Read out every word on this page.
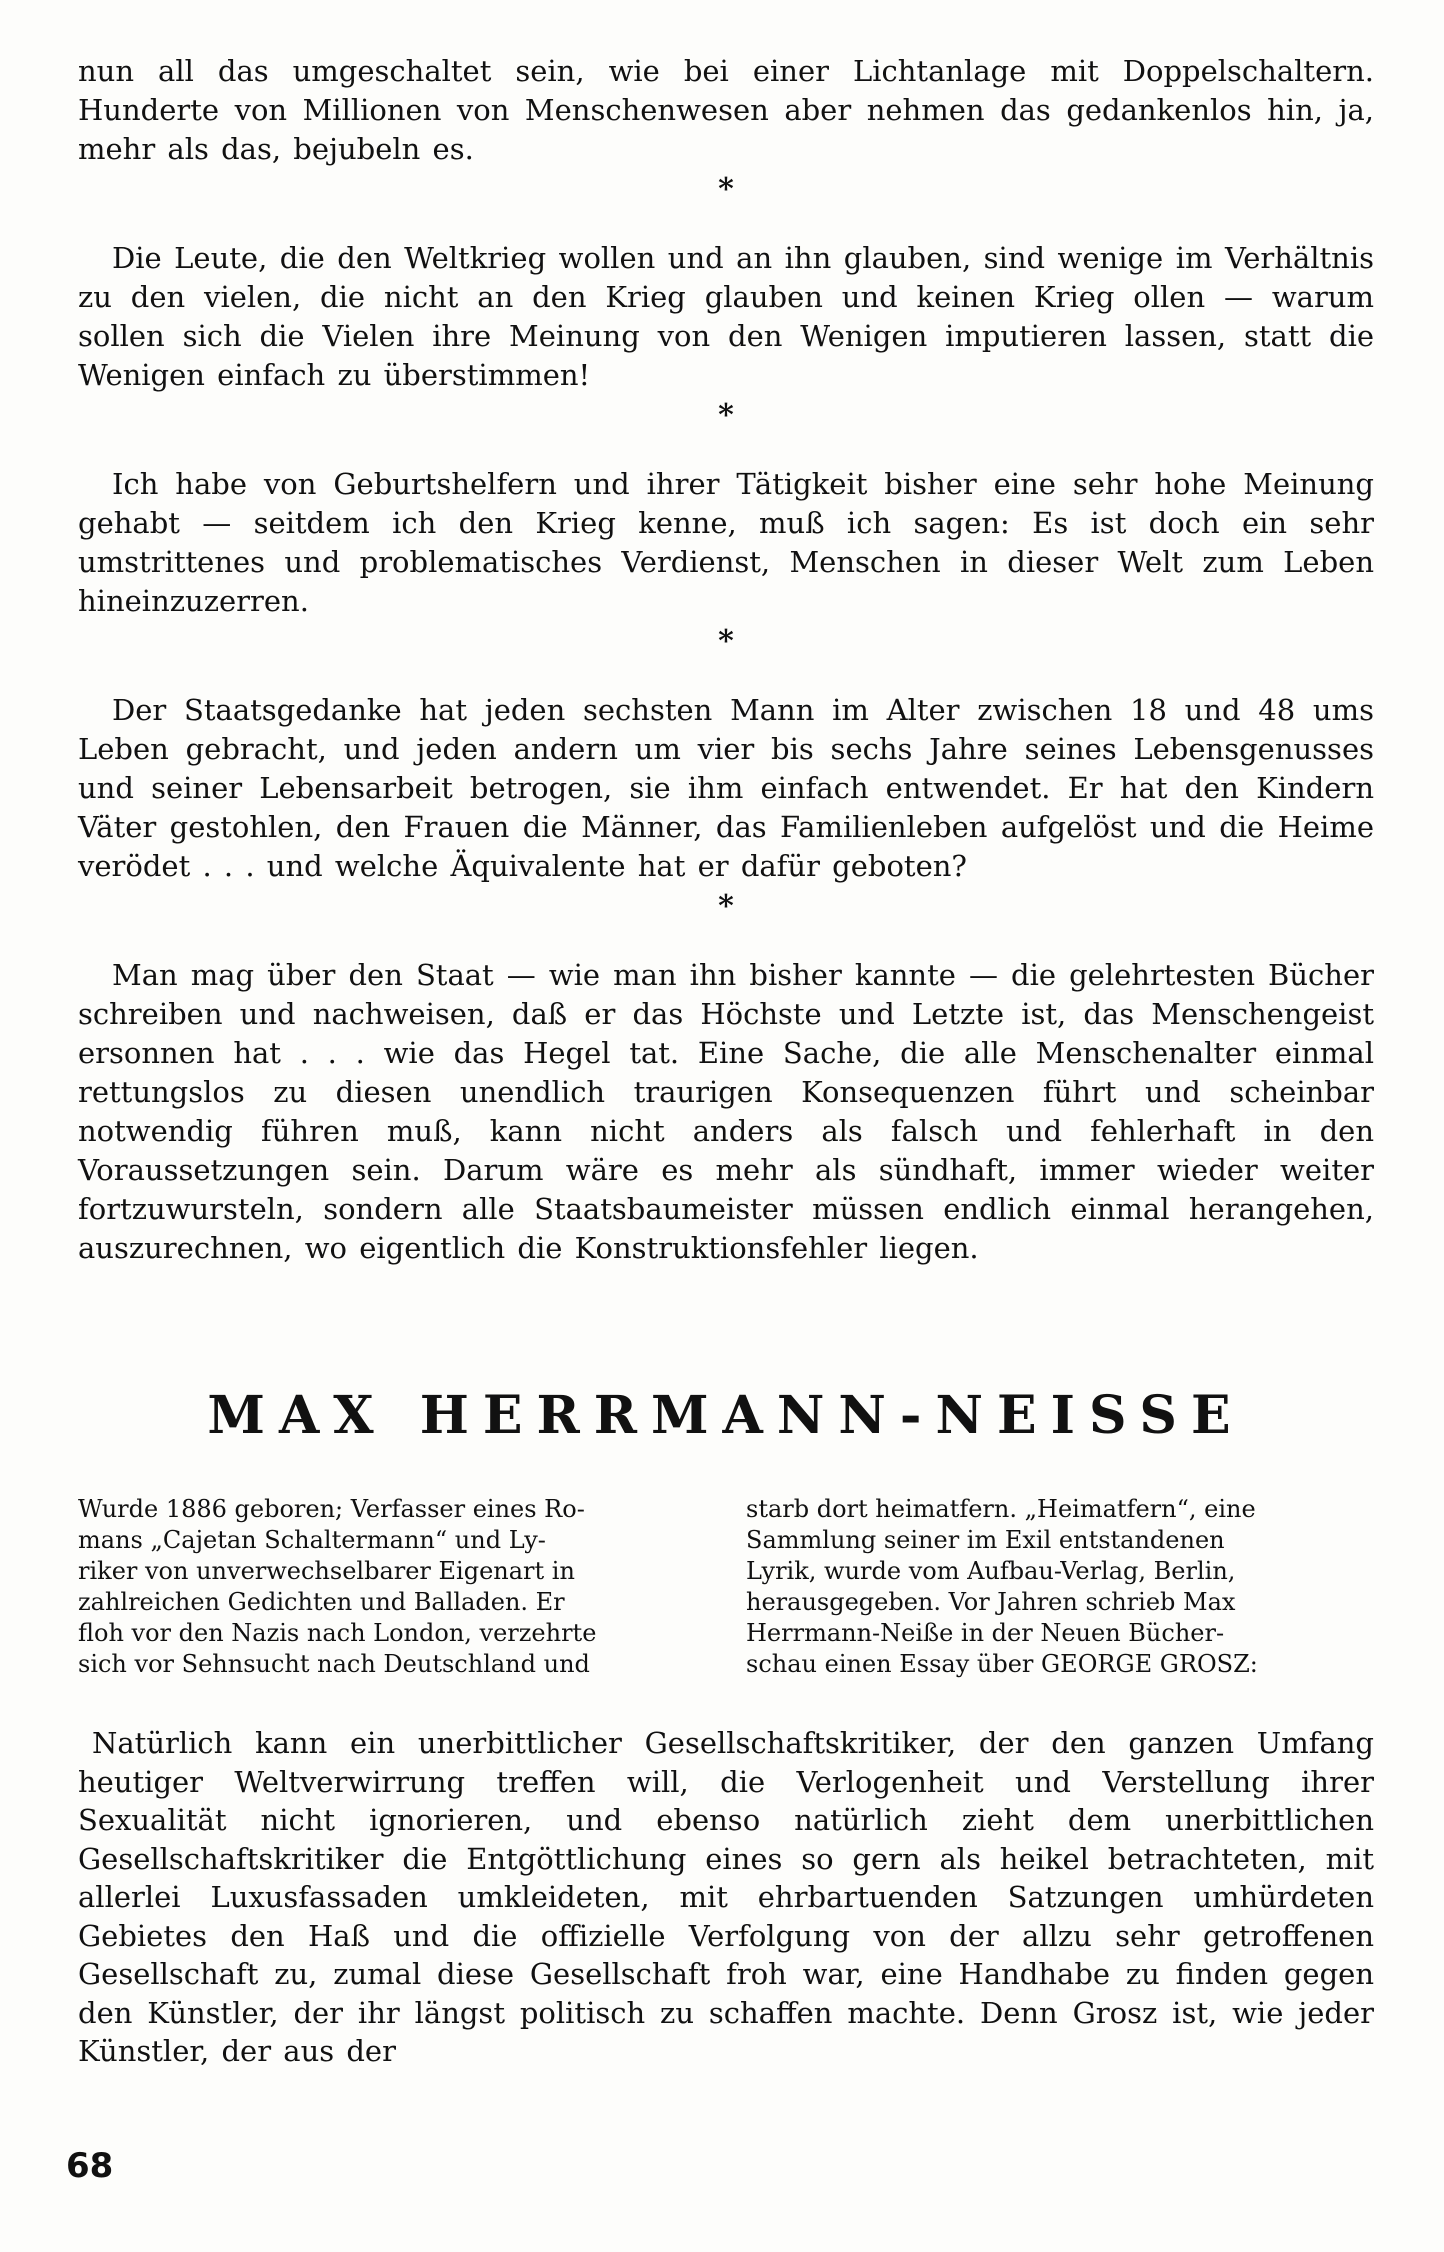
nun all das umgeschaltet sein, wie bei einer Lichtanlage mit Doppelschaltern. Hunderte von Millionen von Menschenwesen aber nehmen das gedankenlos hin, ja, mehr als das, bejubeln es.

*

Die Leute, die den Weltkrieg wollen und an ihn glauben, sind wenige im Verhältnis zu den vielen, die nicht an den Krieg glauben und keinen Krieg ollen — warum sollen sich die Vielen ihre Meinung von den Wenigen imputieren lassen, statt die Wenigen einfach zu überstimmen!

*

Ich habe von Geburtshelfern und ihrer Tätigkeit bisher eine sehr hohe Meinung gehabt — seitdem ich den Krieg kenne, muß ich sagen: Es ist doch ein sehr umstrittenes und problematisches Verdienst, Menschen in dieser Welt zum Leben hineinzuzerren.

*

Der Staatsgedanke hat jeden sechsten Mann im Alter zwischen 18 und 48 ums Leben gebracht, und jeden andern um vier bis sechs Jahre seines Lebensgenusses und seiner Lebensarbeit betrogen, sie ihm einfach entwendet. Er hat den Kindern Väter gestohlen, den Frauen die Männer, das Familienleben aufgelöst und die Heime verödet . . . und welche Äquivalente hat er dafür geboten?

*

Man mag über den Staat — wie man ihn bisher kannte — die gelehrtesten Bücher schreiben und nachweisen, daß er das Höchste und Letzte ist, das Menschengeist ersonnen hat . . . wie das Hegel tat. Eine Sache, die alle Menschenalter einmal rettungslos zu diesen unendlich traurigen Konsequenzen führt und scheinbar notwendig führen muß, kann nicht anders als falsch und fehlerhaft in den Voraussetzungen sein. Darum wäre es mehr als sündhaft, immer wieder weiter fortzuwursteln, sondern alle Staatsbaumeister müssen endlich einmal herangehen, auszurechnen, wo eigentlich die Konstruktionsfehler liegen.

MAX HERRMANN-NEISSE
Wurde 1886 geboren; Verfasser eines Ro-
mans „Cajetan Schaltermann“ und Ly-
riker von unverwechselbarer Eigenart in
zahlreichen Gedichten und Balladen. Er
floh vor den Nazis nach London, verzehrte
sich vor Sehnsucht nach Deutschland und
starb dort heimatfern. „Heimatfern“, eine
Sammlung seiner im Exil entstandenen
Lyrik, wurde vom Aufbau-Verlag, Berlin,
herausgegeben. Vor Jahren schrieb Max
Herrmann-Neiße in der Neuen Bücher-
schau einen Essay über GEORGE GROSZ:

Natürlich kann ein unerbittlicher Gesellschaftskritiker, der den ganzen Umfang heutiger Weltverwirrung treffen will, die Verlogenheit und Verstellung ihrer Sexualität nicht ignorieren, und ebenso natürlich zieht dem unerbittlichen Gesellschaftskritiker die Entgöttlichung eines so gern als heikel betrachteten, mit allerlei Luxusfassaden umkleideten, mit ehrbartuenden Satzungen umhürdeten Gebietes den Haß und die offizielle Verfolgung von der allzu sehr getroffenen Gesellschaft zu, zumal diese Gesellschaft froh war, eine Handhabe zu finden gegen den Künstler, der ihr längst politisch zu schaffen machte. Denn Grosz ist, wie jeder Künstler, der aus der

68
